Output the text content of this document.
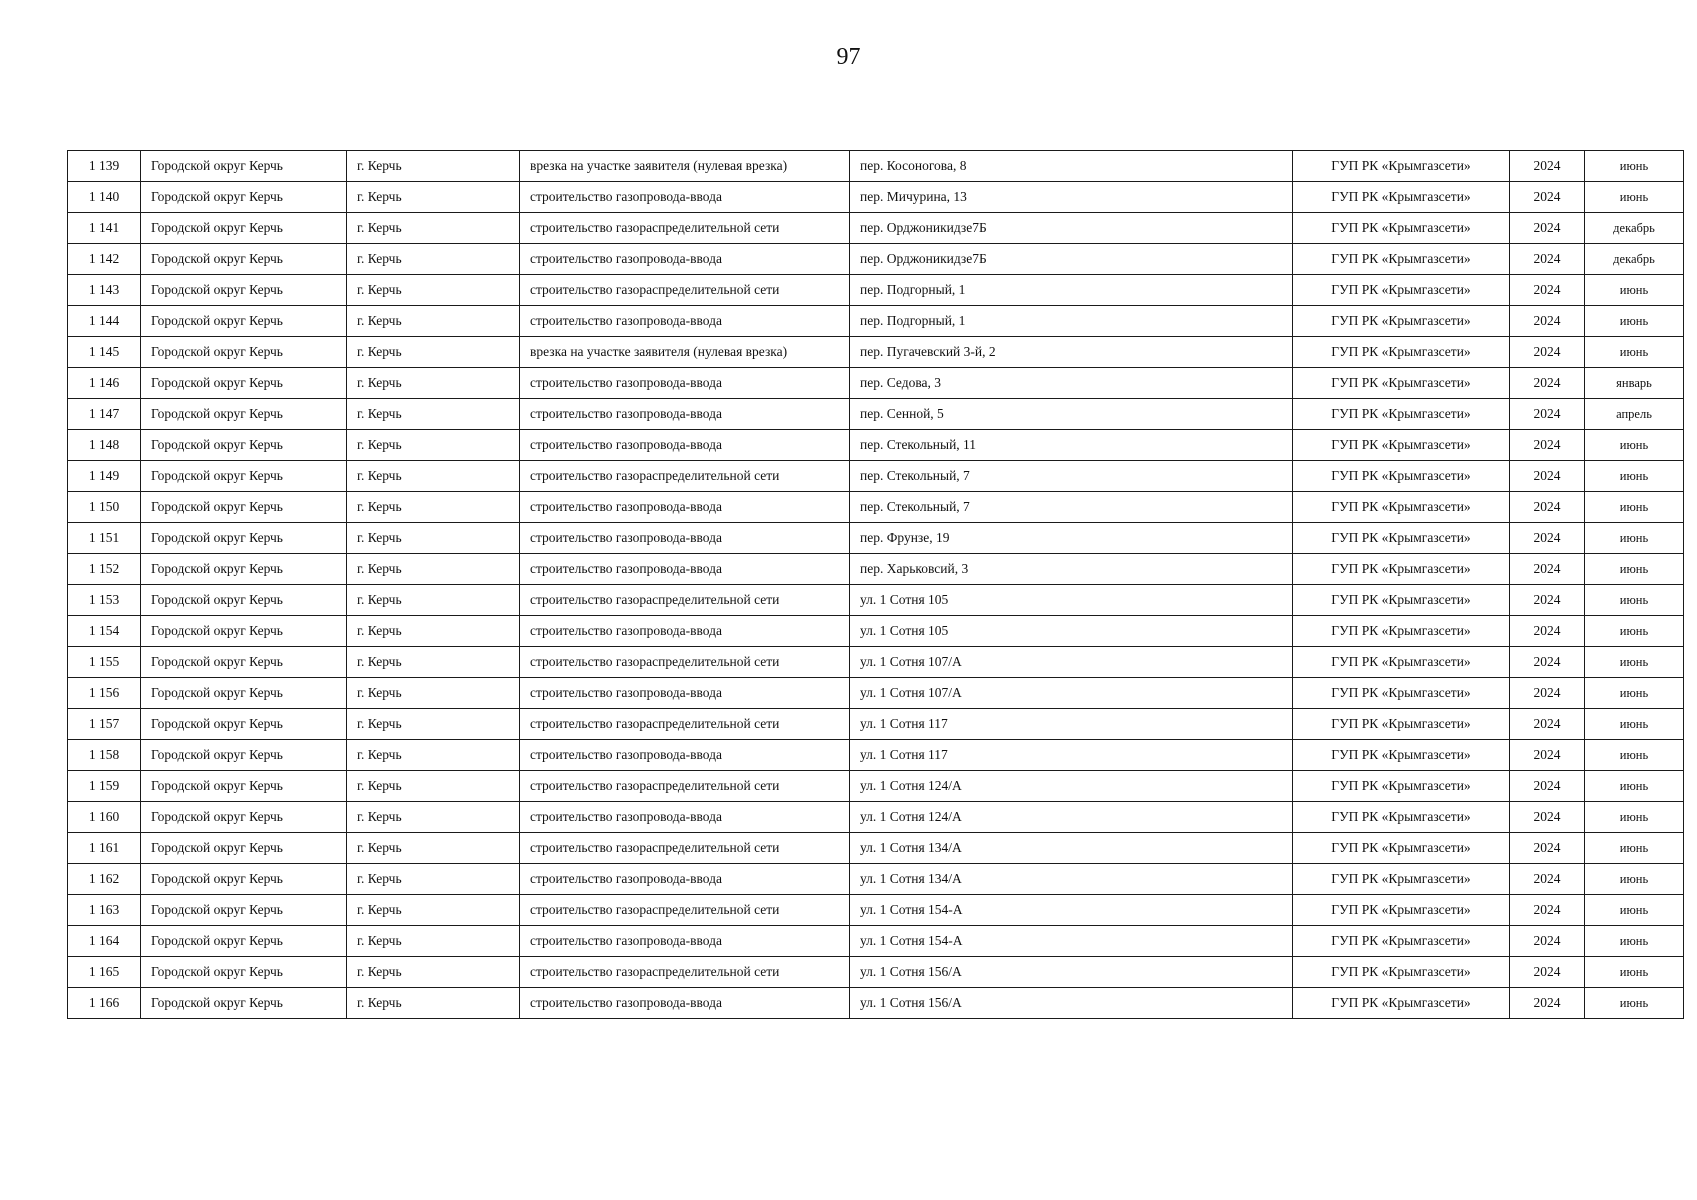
97
1 139	Городской округ Керчь	г. Керчь	врезка на участке заявителя (нулевая врезка)	пер. Косоногова, 8	ГУП РК «Крымгазсети»	2024	июнь
1 140	Городской округ Керчь	г. Керчь	строительство газопровода-ввода	пер. Мичурина, 13	ГУП РК «Крымгазсети»	2024	июнь
1 141	Городской округ Керчь	г. Керчь	строительство газораспределительной сети	пер. Орджоникидзе7Б	ГУП РК «Крымгазсети»	2024	декабрь
1 142	Городской округ Керчь	г. Керчь	строительство газопровода-ввода	пер. Орджоникидзе7Б	ГУП РК «Крымгазсети»	2024	декабрь
1 143	Городской округ Керчь	г. Керчь	строительство газораспределительной сети	пер. Подгорный, 1	ГУП РК «Крымгазсети»	2024	июнь
1 144	Городской округ Керчь	г. Керчь	строительство газопровода-ввода	пер. Подгорный, 1	ГУП РК «Крымгазсети»	2024	июнь
1 145	Городской округ Керчь	г. Керчь	врезка на участке заявителя (нулевая врезка)	пер. Пугачевский 3-й, 2	ГУП РК «Крымгазсети»	2024	июнь
1 146	Городской округ Керчь	г. Керчь	строительство газопровода-ввода	пер. Седова, 3	ГУП РК «Крымгазсети»	2024	январь
1 147	Городской округ Керчь	г. Керчь	строительство газопровода-ввода	пер. Сенной, 5	ГУП РК «Крымгазсети»	2024	апрель
1 148	Городской округ Керчь	г. Керчь	строительство газопровода-ввода	пер. Стекольный, 11	ГУП РК «Крымгазсети»	2024	июнь
1 149	Городской округ Керчь	г. Керчь	строительство газораспределительной сети	пер. Стекольный, 7	ГУП РК «Крымгазсети»	2024	июнь
1 150	Городской округ Керчь	г. Керчь	строительство газопровода-ввода	пер. Стекольный, 7	ГУП РК «Крымгазсети»	2024	июнь
1 151	Городской округ Керчь	г. Керчь	строительство газопровода-ввода	пер. Фрунзе, 19	ГУП РК «Крымгазсети»	2024	июнь
1 152	Городской округ Керчь	г. Керчь	строительство газопровода-ввода	пер. Харьковсий, 3	ГУП РК «Крымгазсети»	2024	июнь
1 153	Городской округ Керчь	г. Керчь	строительство газораспределительной сети	ул. 1 Сотня 105	ГУП РК «Крымгазсети»	2024	июнь
1 154	Городской округ Керчь	г. Керчь	строительство газопровода-ввода	ул. 1 Сотня 105	ГУП РК «Крымгазсети»	2024	июнь
1 155	Городской округ Керчь	г. Керчь	строительство газораспределительной сети	ул. 1 Сотня 107/А	ГУП РК «Крымгазсети»	2024	июнь
1 156	Городской округ Керчь	г. Керчь	строительство газопровода-ввода	ул. 1 Сотня 107/А	ГУП РК «Крымгазсети»	2024	июнь
1 157	Городской округ Керчь	г. Керчь	строительство газораспределительной сети	ул. 1 Сотня 117	ГУП РК «Крымгазсети»	2024	июнь
1 158	Городской округ Керчь	г. Керчь	строительство газопровода-ввода	ул. 1 Сотня 117	ГУП РК «Крымгазсети»	2024	июнь
1 159	Городской округ Керчь	г. Керчь	строительство газораспределительной сети	ул. 1 Сотня 124/А	ГУП РК «Крымгазсети»	2024	июнь
1 160	Городской округ Керчь	г. Керчь	строительство газопровода-ввода	ул. 1 Сотня 124/А	ГУП РК «Крымгазсети»	2024	июнь
1 161	Городской округ Керчь	г. Керчь	строительство газораспределительной сети	ул. 1 Сотня 134/А	ГУП РК «Крымгазсети»	2024	июнь
1 162	Городской округ Керчь	г. Керчь	строительство газопровода-ввода	ул. 1 Сотня 134/А	ГУП РК «Крымгазсети»	2024	июнь
1 163	Городской округ Керчь	г. Керчь	строительство газораспределительной сети	ул. 1 Сотня 154-А	ГУП РК «Крымгазсети»	2024	июнь
1 164	Городской округ Керчь	г. Керчь	строительство газопровода-ввода	ул. 1 Сотня 154-А	ГУП РК «Крымгазсети»	2024	июнь
1 165	Городской округ Керчь	г. Керчь	строительство газораспределительной сети	ул. 1 Сотня 156/А	ГУП РК «Крымгазсети»	2024	июнь
1 166	Городской округ Керчь	г. Керчь	строительство газопровода-ввода	ул. 1 Сотня 156/А	ГУП РК «Крымгазсети»	2024	июнь
